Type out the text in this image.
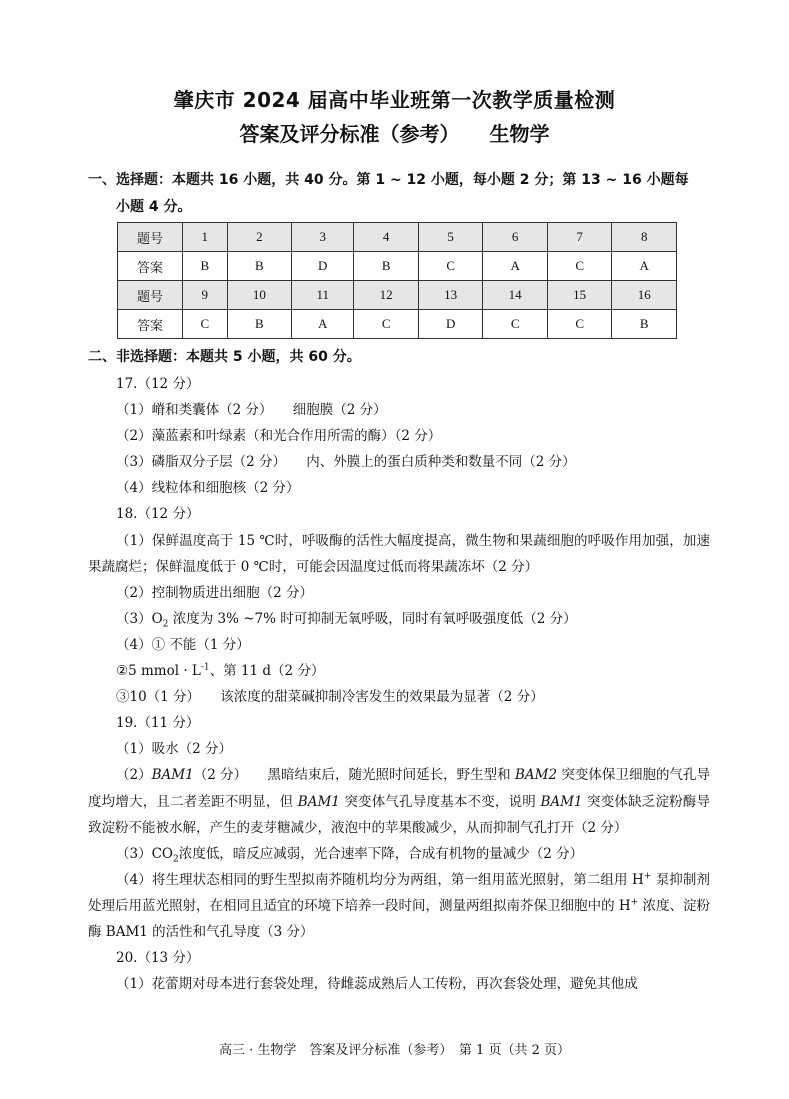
肇庆市 2024 届高中毕业班第一次教学质量检测
答案及评分标准（参考）　　 生物学
一、选择题：本题共 16 小题，共 40 分。第 1 ~ 12 小题，每小题 2 分；第 13 ~ 16 小题每
小题 4 分。
题号	1	2	3	4	5	6	7	8
答案	B	B	D	B	C	A	C	A
题号	9	10	11	12	13	14	15	16
答案	C	B	A	C	D	C	C	B
二、非选择题：本题共 5 小题，共 60 分。

17.（12 分）

（1）嵴和类囊体（2 分）　　细胞膜（2 分）

（2）藻蓝素和叶绿素（和光合作用所需的酶）（2 分）

（3）磷脂双分子层（2 分）　　内、外膜上的蛋白质种类和数量不同（2 分）

（4）线粒体和细胞核（2 分）

18.（12 分）

（1）保鲜温度高于 15 ℃时，呼吸酶的活性大幅度提高，微生物和果蔬细胞的呼吸作用加强，加速果蔬腐烂；保鲜温度低于 0 ℃时，可能会因温度过低而将果蔬冻坏（2 分）

（2）控制物质进出细胞（2 分）

$(3)O_2$ 浓度为 3% ~7% 时可抑制无氧呼吸，同时有氧呼吸强度低（2 分）

（4）① 不能（1 分）

②5 mmol · $L^{-1}$、第 11 d（2 分）

③10（1 分）　　该浓度的甜菜碱抑制冷害发生的效果最为显著（2 分）

19.（11 分）

（1）吸水（2 分）

（2）BAM1（2 分）　　黑暗结束后，随光照时间延长，野生型和 BAM2 突变体保卫细胞的气孔导度均增大，且二者差距不明显，但 BAM1 突变体气孔导度基本不变，说明 BAM1 突变体缺乏淀粉酶导致淀粉不能被水解，产生的麦芽糖减少，液泡中的苹果酸减少，从而抑制气孔打开（2 分）

$(3)CO_2$浓度低，暗反应减弱，光合速率下降，合成有机物的量减少（2 分）

（4）将生理状态相同的野生型拟南芥随机均分为两组，第一组用蓝光照射，第二组用 H+ 泵抑制剂处理后用蓝光照射，在相同且适宜的环境下培养一段时间，测量两组拟南芥保卫细胞中的 H+ 浓度、淀粉酶 BAM1 的活性和气孔导度（3 分）

20.（13 分）

（1）花蕾期对母本进行套袋处理，待雌蕊成熟后人工传粉，再次套袋处理，避免其他成

高三 · 生物学　答案及评分标准（参考）　第 1 页（共 2 页）
